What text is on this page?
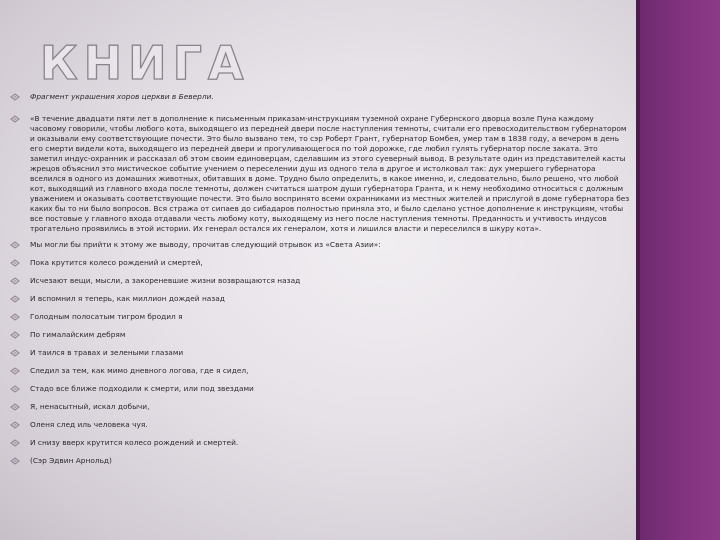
КНИГА
Фрагмент украшения хоров церкви в Беверли.
«В течение двадцати пяти лет в дополнение к письменным приказам-инструкциям туземной охране Губернского дворца возле Пуна каждому часовому говорили, чтобы любого кота, выходящего из передней двери после наступления темноты, считали его превосходительством губернатором и оказывали ему соответствующие почести. Это было вызвано тем, то сэр Роберт Грант, губернатор Бомбея, умер там в 1838 году, а вечером в день его смерти видели кота, выходящего из передней двери и прогуливающегося по той дорожке, где любил гулять губернатор после заката. Это заметил индус-охранник и рассказал об этом своим единоверцам, сделавшим из этого суеверный вывод. В результате один из представителей касты жрецов объяснил это мистическое событие учением о переселении душ из одного тела в другое и истолковал так: дух умершего губернатора вселился в одного из домашних животных, обитавших в доме. Трудно было определить, в какое именно, и, следовательно, было решено, что любой кот, выходящий из главного входа после темноты, должен считаться шатром души губернатора Гранта, и к нему необходимо относиться с должным уважением и оказывать соответствующие почести. Это было воспринято всеми охранниками из местных жителей и прислугой в доме губернатора без каких бы то ни было вопросов. Вся стража от сипаев до сибадаров полностью приняла это, и было сделано устное дополнение к инструкциям, чтобы все постовые у главного входа отдавали честь любому коту, выходящему из него после наступления темноты. Преданность и учтивость индусов трогательно проявились в этой истории. Их генерал остался их генералом, хотя и лишился власти и переселился в шкуру кота».
Мы могли бы прийти к этому же выводу, прочитав следующий отрывок из «Света Азии»:
Пока крутится колесо рождений и смертей,
Исчезают вещи, мысли, а закореневшие жизни возвращаются назад
И вспомнил я теперь, как миллион дождей назад
Голодным полосатым тигром бродил я
По гималайским дебрям
И таился в травах и зелеными глазами
Следил за тем, как мимо дневного логова, где я сидел,
Стадо все ближе подходили к смерти, или под звездами
Я, ненасытный, искал добычи,
Оленя след иль человека чуя.
И снизу вверх крутится колесо рождений и смертей.
(Сэр Эдвин Арнольд)
